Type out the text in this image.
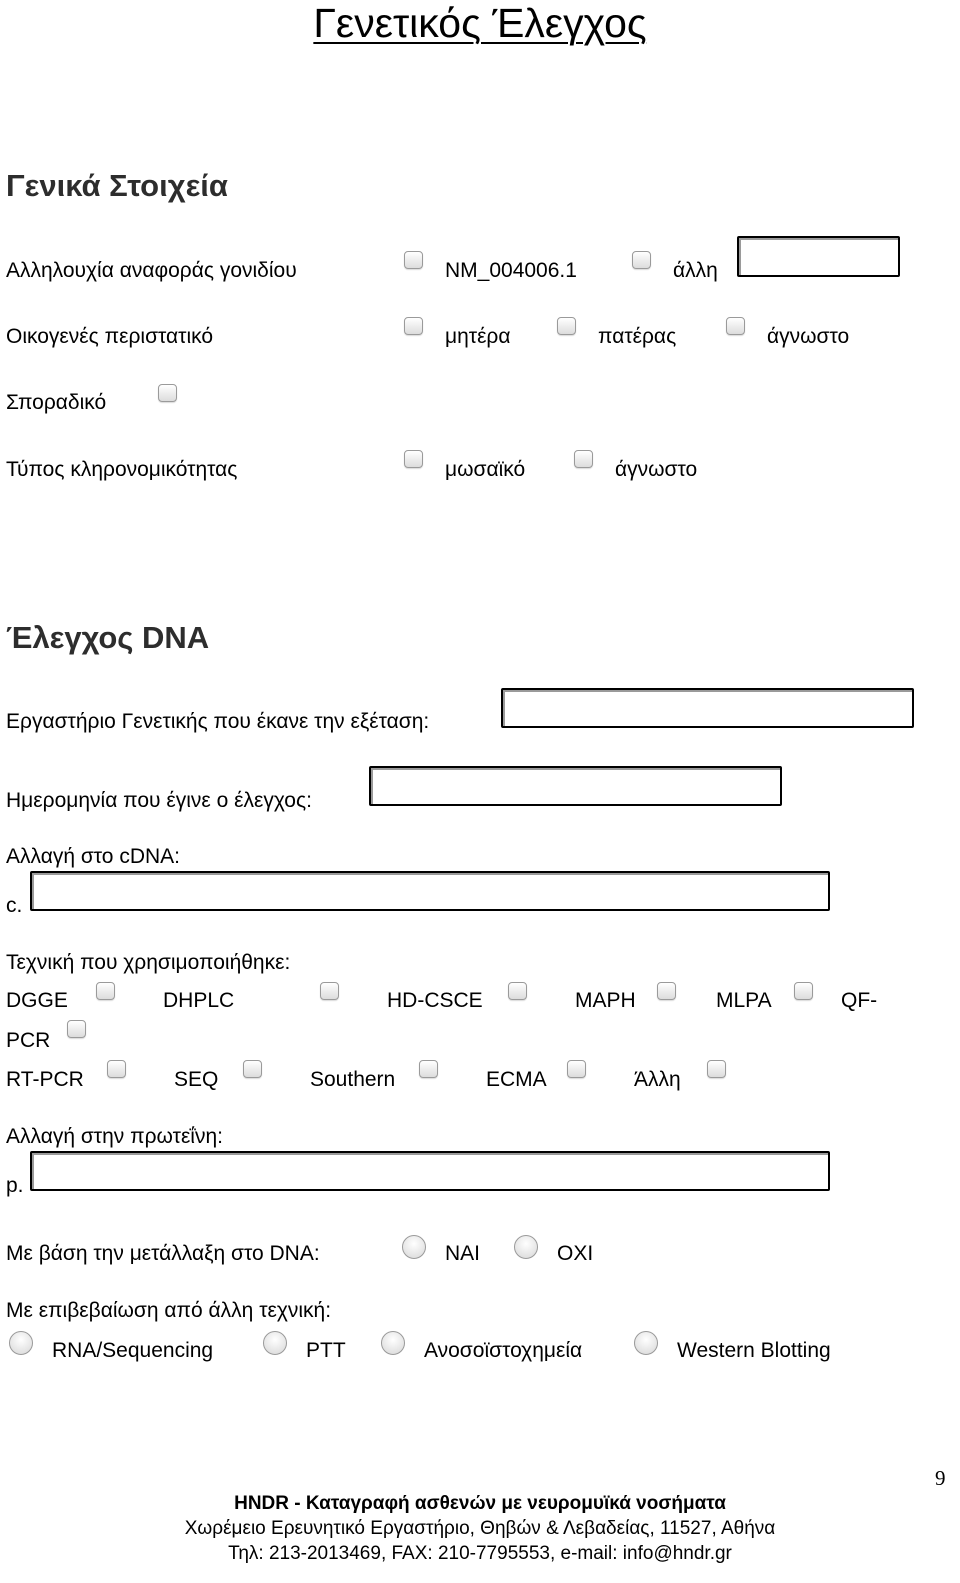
Γενετικός Έλεγχος
Γενικά Στοιχεία
Αλληλουχία αναφοράς γονιδίου	NM_004006.1	άλλη
Οικογενές περιστατικό	μητέρα	πατέρας	άγνωστο
Σποραδικό
Τύπος κληρονομικότητας	μωσαϊκό	άγνωστο
Έλεγχος DNA
Εργαστήριο Γενετικής που έκανε την εξέταση:
Ημερομηνία που έγινε ο έλεγχος:
Αλλαγή στο cDNA:
c.
Τεχνική που χρησιμοποιήθηκε:
DGGE	DHPLC	HD-CSCE	MAPH	MLPA	QF-
PCR
RT-PCR	SEQ	Southern	ECMA	Άλλη
Αλλαγή στην πρωτεΐνη:
p.
Με βάση την μετάλλαξη στο DNA:	ΝΑΙ	ΟΧΙ
Με επιβεβαίωση από άλλη τεχνική:
RNA/Sequencing	PTT	Ανοσοϊστοχημεία	Western Blotting
9
HNDR - Καταγραφή ασθενών με νευρομυϊκά νοσήματα
Χωρέμειο Ερευνητικό Εργαστήριο, Θηβών & Λεβαδείας, 11527, Αθήνα
Τηλ: 213-2013469, FAX: 210-7795553, e-mail: info@hndr.gr
